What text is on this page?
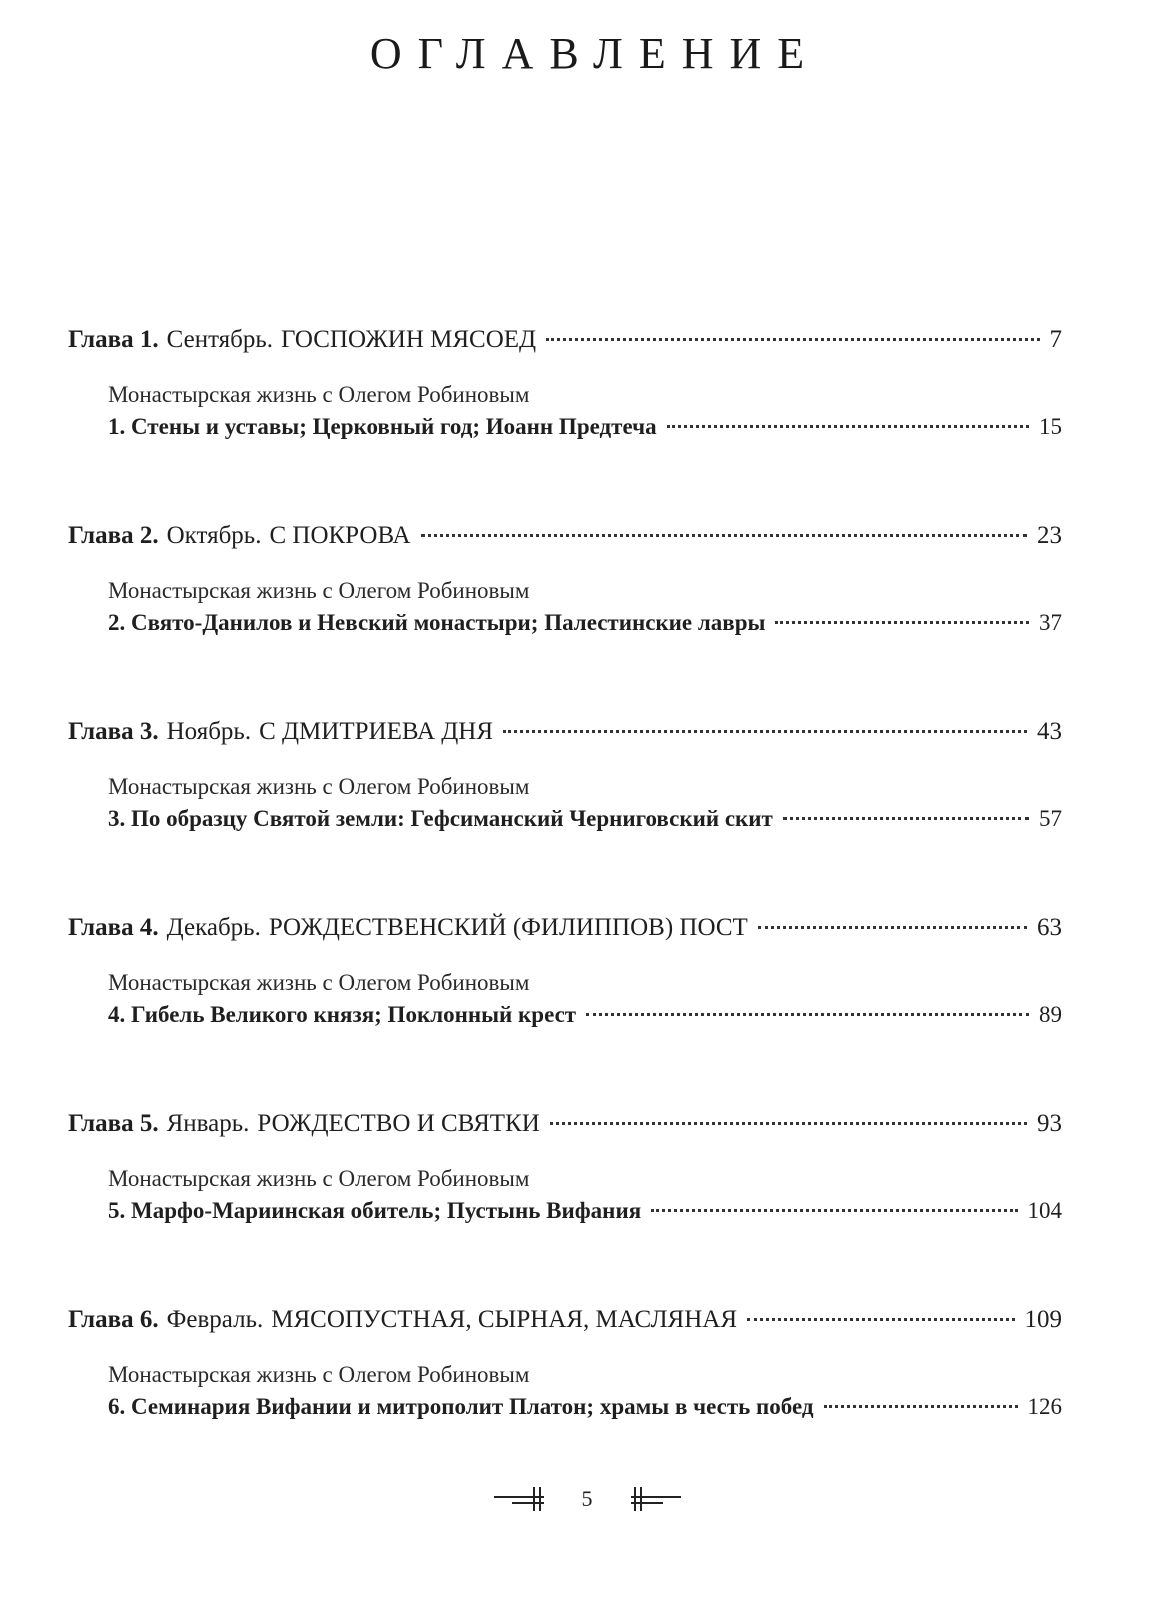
ОГЛАВЛЕНИЕ
Глава 1. Сентябрь. ГОСПОЖИН МЯСОЕД	7
Монастырская жизнь с Олегом Робиновым
1. Стены и уставы; Церковный год; Иоанн Предтеча	15
Глава 2. Октябрь. С ПОКРОВА	23
Монастырская жизнь с Олегом Робиновым
2. Свято-Данилов и Невский монастыри; Палестинские лавры	37
Глава 3. Ноябрь. С ДМИТРИЕВА ДНЯ	43
Монастырская жизнь с Олегом Робиновым
3. По образцу Святой земли: Гефсиманский Черниговский скит	57
Глава 4. Декабрь. РОЖДЕСТВЕНСКИЙ (ФИЛИППОВ) ПОСТ	63
Монастырская жизнь с Олегом Робиновым
4. Гибель Великого князя; Поклонный крест	89
Глава 5. Январь. РОЖДЕСТВО И СВЯТКИ	93
Монастырская жизнь с Олегом Робиновым
5. Марфо-Мариинская обитель; Пустынь Вифания	104
Глава 6. Февраль. МЯСОПУСТНАЯ, СЫРНАЯ, МАСЛЯНАЯ	109
Монастырская жизнь с Олегом Робиновым
6. Семинария Вифании и митрополит Платон; храмы в честь побед	126
5
